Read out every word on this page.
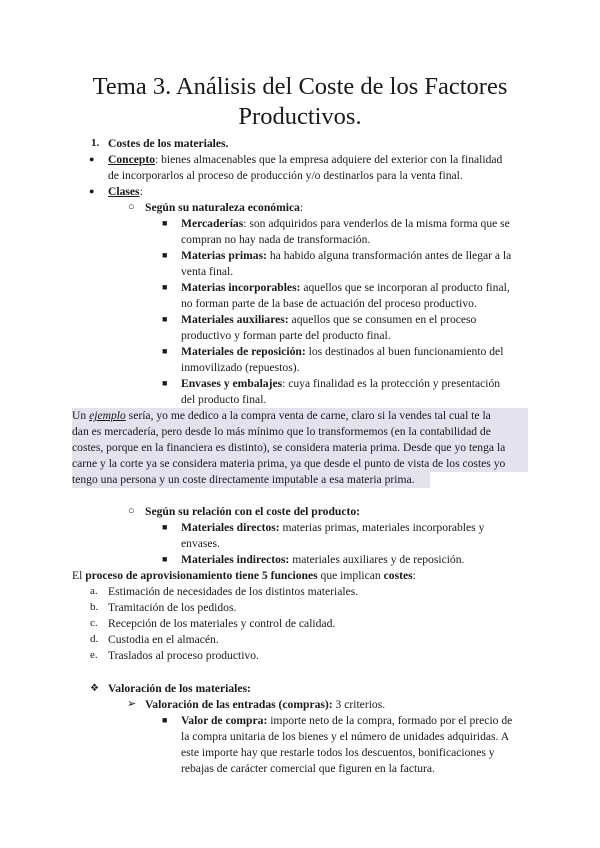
Tema 3. Análisis del Coste de los Factores
Productivos.
1. Costes de los materiales.
● Concepto: bienes almacenables que la empresa adquiere del exterior con la finalidad
de incorporarlos al proceso de producción y/o destinarlos para la venta final.
● Clases:
○ Según su naturaleza económica:
■ Mercaderías: son adquiridos para venderlos de la misma forma que se
compran no hay nada de transformación.
■ Materias primas: ha habido alguna transformación antes de llegar a la
venta final.
■ Materias incorporables: aquellos que se incorporan al producto final,
no forman parte de la base de actuación del proceso productivo.
■ Materiales auxiliares: aquellos que se consumen en el proceso
productivo y forman parte del producto final.
■ Materiales de reposición: los destinados al buen funcionamiento del
inmovilizado (repuestos).
■ Envases y embalajes: cuya finalidad es la protección y presentación
del producto final.
Un ejemplo sería, yo me dedico a la compra venta de carne, claro si la vendes tal cual te la
dan es mercadería, pero desde lo más mínimo que lo transformemos (en la contabilidad de
costes, porque en la financiera es distinto), se considera materia prima. Desde que yo tenga la
carne y la corte ya se considera materia prima, ya que desde el punto de vista de los costes yo
tengo una persona y un coste directamente imputable a esa materia prima.
○ Según su relación con el coste del producto:
■ Materiales directos: materias primas, materiales incorporables y
envases.
■ Materiales indirectos: materiales auxiliares y de reposición.
El proceso de aprovisionamiento tiene 5 funciones que implican costes:
a. Estimación de necesidades de los distintos materiales.
b. Tramitación de los pedidos.
c. Recepción de los materiales y control de calidad.
d. Custodia en el almacén.
e. Traslados al proceso productivo.
❖ Valoración de los materiales:
➢ Valoración de las entradas (compras): 3 criterios.
■ Valor de compra: importe neto de la compra, formado por el precio de
la compra unitaria de los bienes y el número de unidades adquiridas. A
este importe hay que restarle todos los descuentos, bonificaciones y
rebajas de carácter comercial que figuren en la factura.
